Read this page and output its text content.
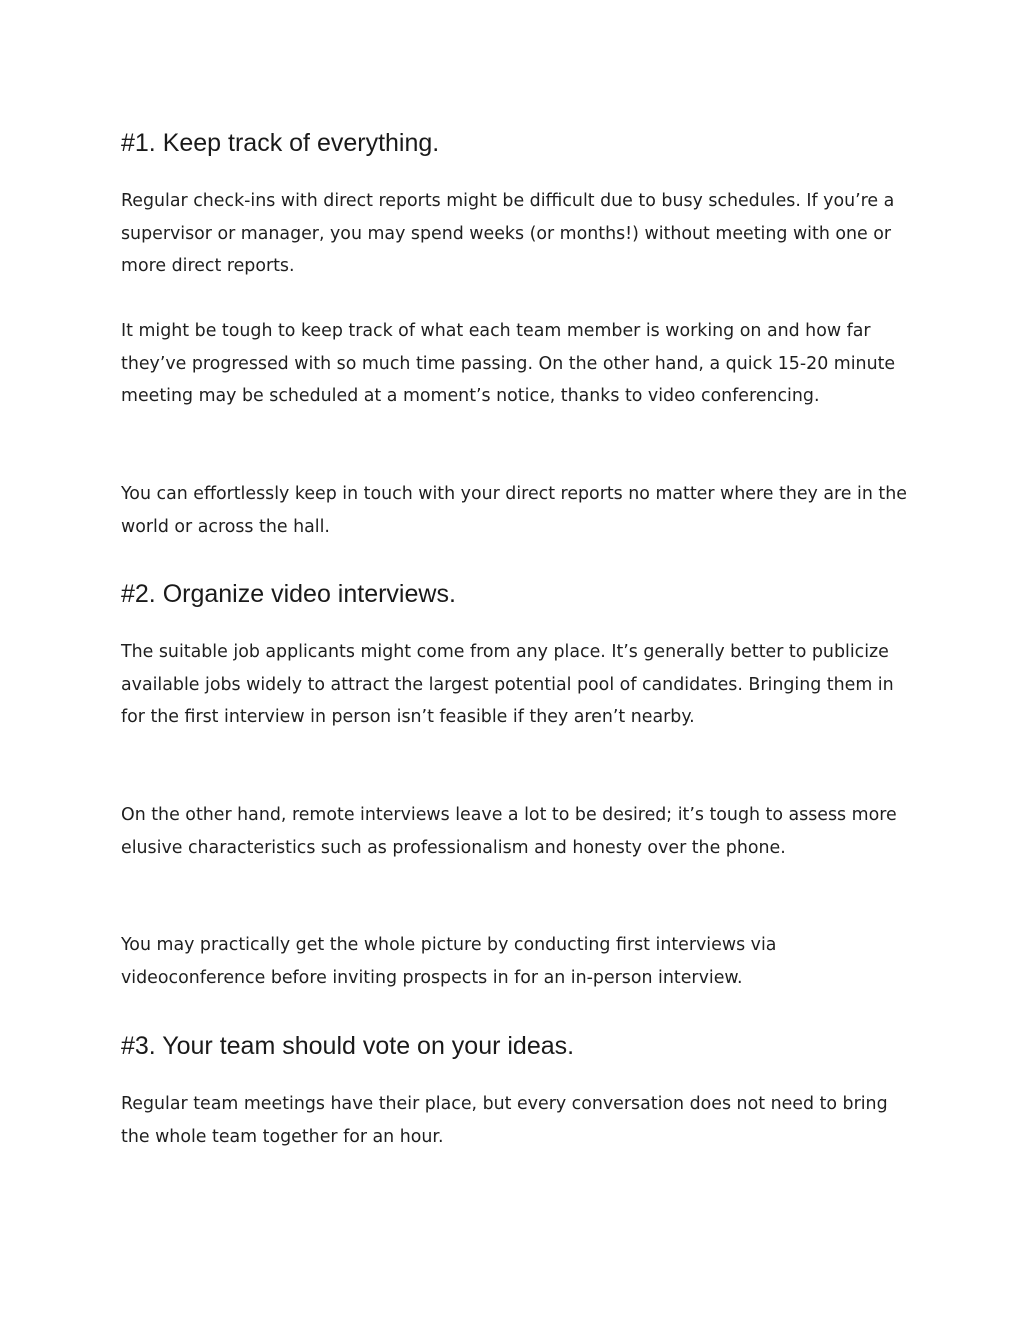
#1. Keep track of everything.

Regular check-ins with direct reports might be difficult due to busy schedules. If you’re a supervisor or manager, you may spend weeks (or months!) without meeting with one or more direct reports.

It might be tough to keep track of what each team member is working on and how far they’ve progressed with so much time passing. On the other hand, a quick 15-20 minute meeting may be scheduled at a moment’s notice, thanks to video conferencing.

You can effortlessly keep in touch with your direct reports no matter where they are in the world or across the hall.

#2. Organize video interviews.

The suitable job applicants might come from any place. It’s generally better to publicize available jobs widely to attract the largest potential pool of candidates. Bringing them in for the first interview in person isn’t feasible if they aren’t nearby.

On the other hand, remote interviews leave a lot to be desired; it’s tough to assess more elusive characteristics such as professionalism and honesty over the phone.

You may practically get the whole picture by conducting first interviews via videoconference before inviting prospects in for an in-person interview.

#3. Your team should vote on your ideas.

Regular team meetings have their place, but every conversation does not need to bring the whole team together for an hour.
